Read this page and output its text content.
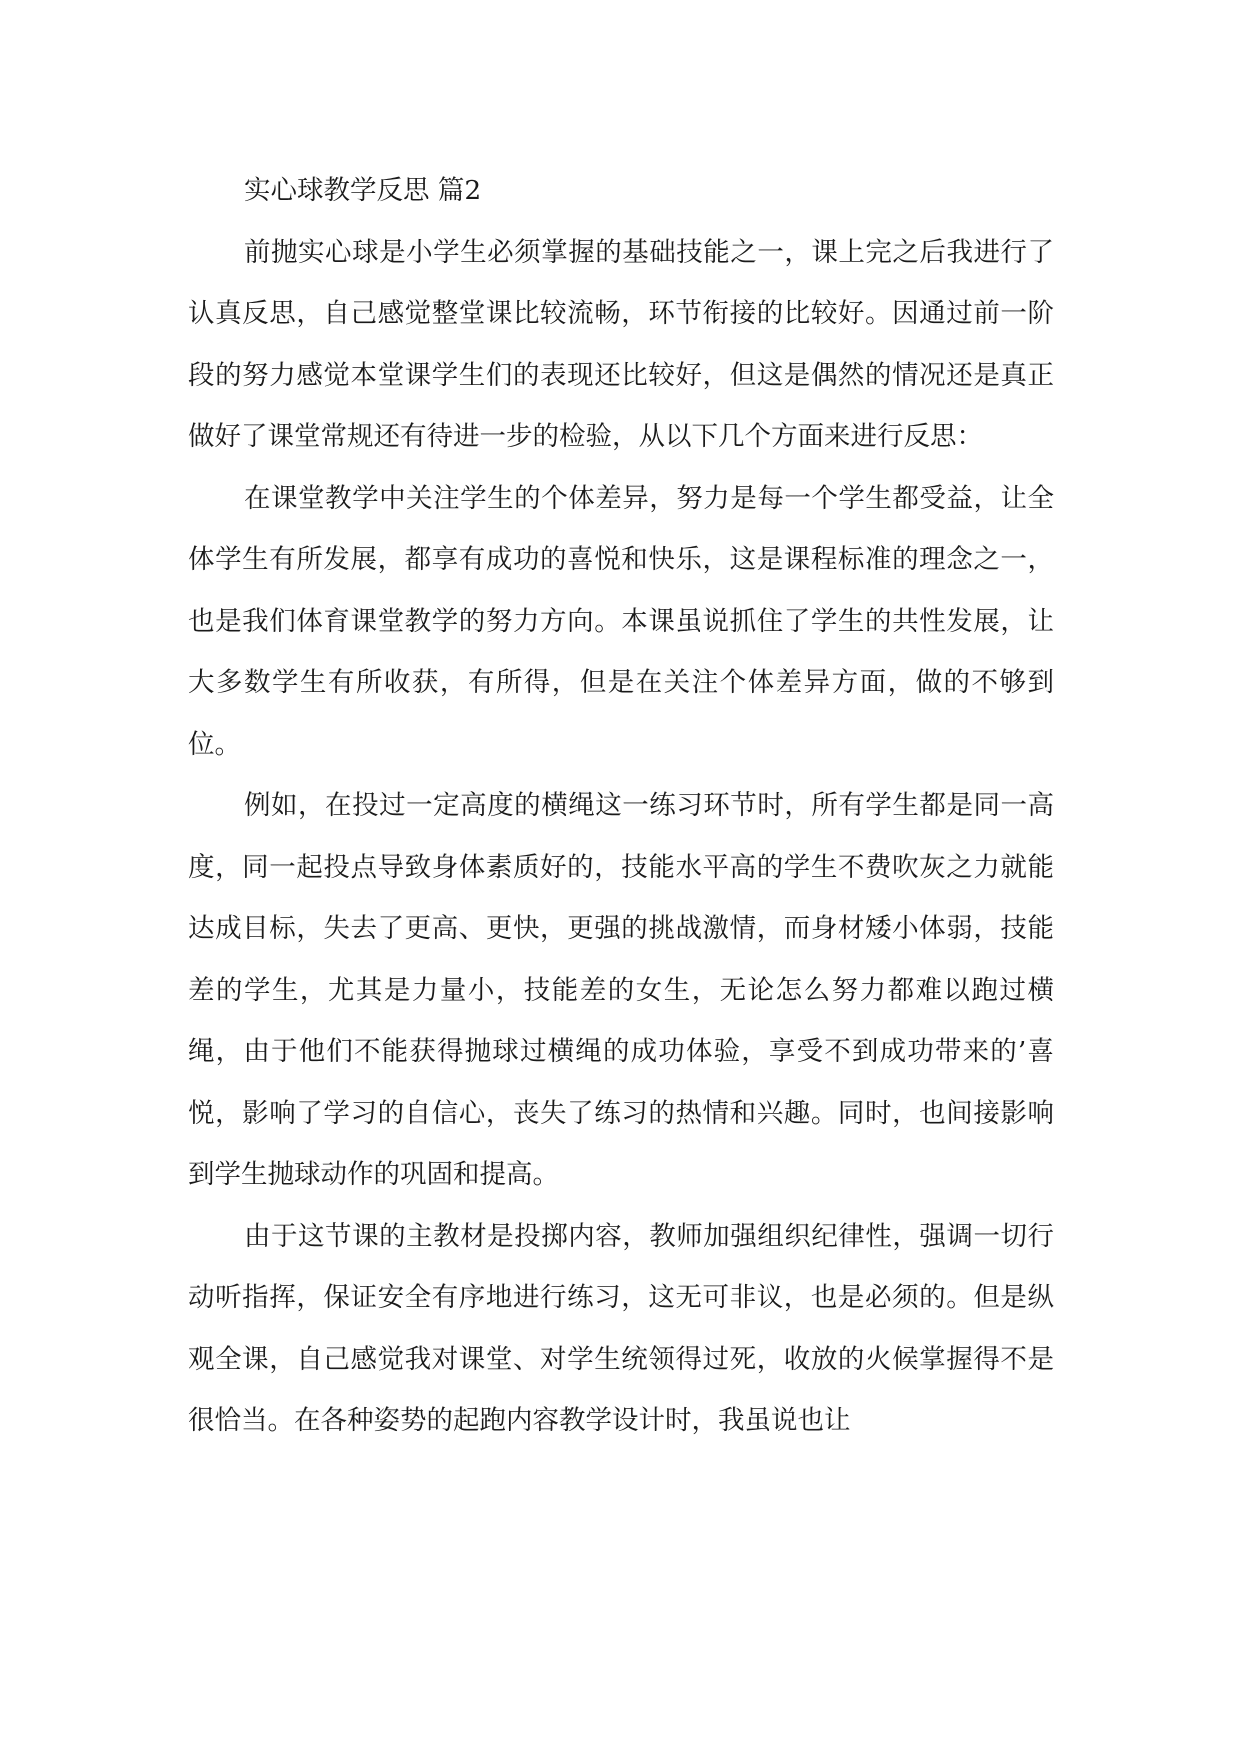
实心球教学反思 篇2

前抛实心球是小学生必须掌握的基础技能之一，课上完之后我进行了认真反思，自己感觉整堂课比较流畅，环节衔接的比较好。因通过前一阶段的努力感觉本堂课学生们的表现还比较好，但这是偶然的情况还是真正做好了课堂常规还有待进一步的检验，从以下几个方面来进行反思：

在课堂教学中关注学生的个体差异，努力是每一个学生都受益，让全体学生有所发展，都享有成功的喜悦和快乐，这是课程标准的理念之一，也是我们体育课堂教学的努力方向。本课虽说抓住了学生的共性发展，让大多数学生有所收获，有所得，但是在关注个体差异方面，做的不够到位。

例如，在投过一定高度的横绳这一练习环节时，所有学生都是同一高度，同一起投点导致身体素质好的，技能水平高的学生不费吹灰之力就能达成目标，失去了更高、更快，更强的挑战激情，而身材矮小体弱，技能差的学生，尤其是力量小，技能差的女生，无论怎么努力都难以跑过横绳，由于他们不能获得抛球过横绳的成功体验，享受不到成功带来的’喜悦，影响了学习的自信心，丧失了练习的热情和兴趣。同时，也间接影响到学生抛球动作的巩固和提高。

由于这节课的主教材是投掷内容，教师加强组织纪律性，强调一切行动听指挥，保证安全有序地进行练习，这无可非议，也是必须的。但是纵观全课，自己感觉我对课堂、对学生统领得过死，收放的火候掌握得不是很恰当。在各种姿势的起跑内容教学设计时，我虽说也让
